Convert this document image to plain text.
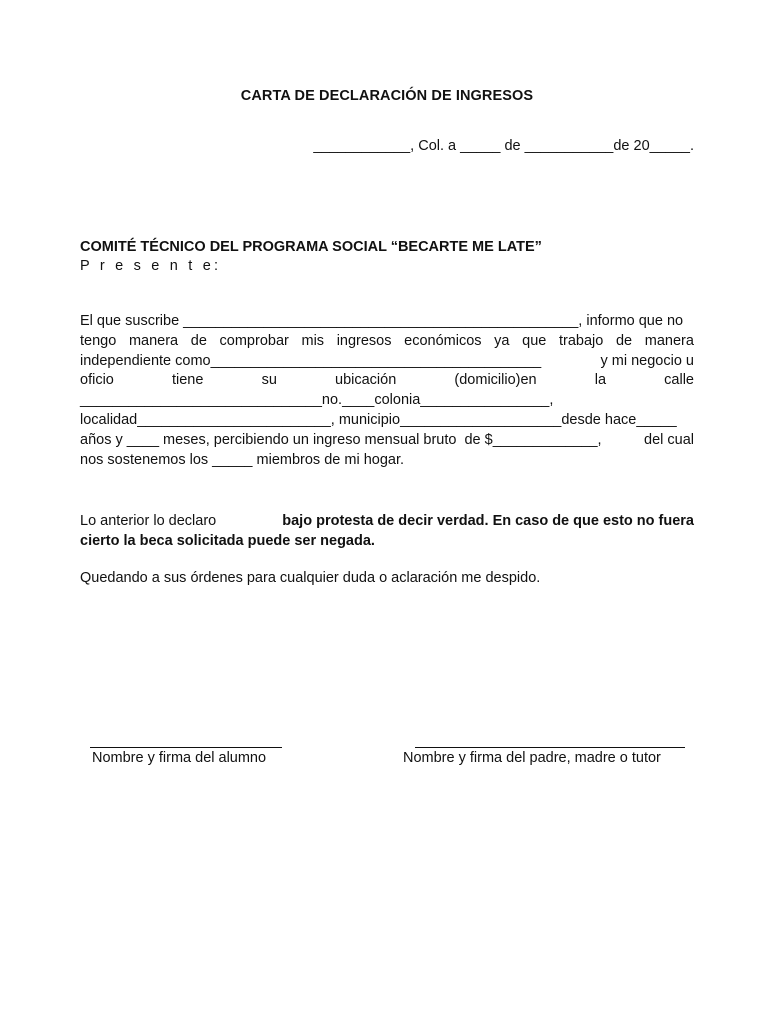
CARTA DE DECLARACIÓN DE INGRESOS
____________, Col. a _____ de ___________de 20_____.
COMITÉ TÉCNICO DEL PROGRAMA SOCIAL “BECARTE ME LATE”
P r e s e n t e:
El que suscribe _________________________________________________, informo que no
tengo manera de comprobar mis ingresos económicos ya que trabajo de manera
independiente como_________________________________________	y mi negocio u
oficio	tiene	su	ubicación	(domicilio)en	la	calle
______________________________no.____colonia________________,
localidad________________________, municipio____________________desde hace_____
años y ____ meses, percibiendo un ingreso mensual bruto  de $_____________,	del cual
nos sostenemos los _____ miembros de mi hogar.
Lo anterior lo declaro	bajo protesta de decir verdad. En caso de que esto no fuera
cierto la beca solicitada puede ser negada.
Quedando a sus órdenes para cualquier duda o aclaración me despido.
Nombre y firma del alumno	Nombre y firma del padre, madre o tutor
